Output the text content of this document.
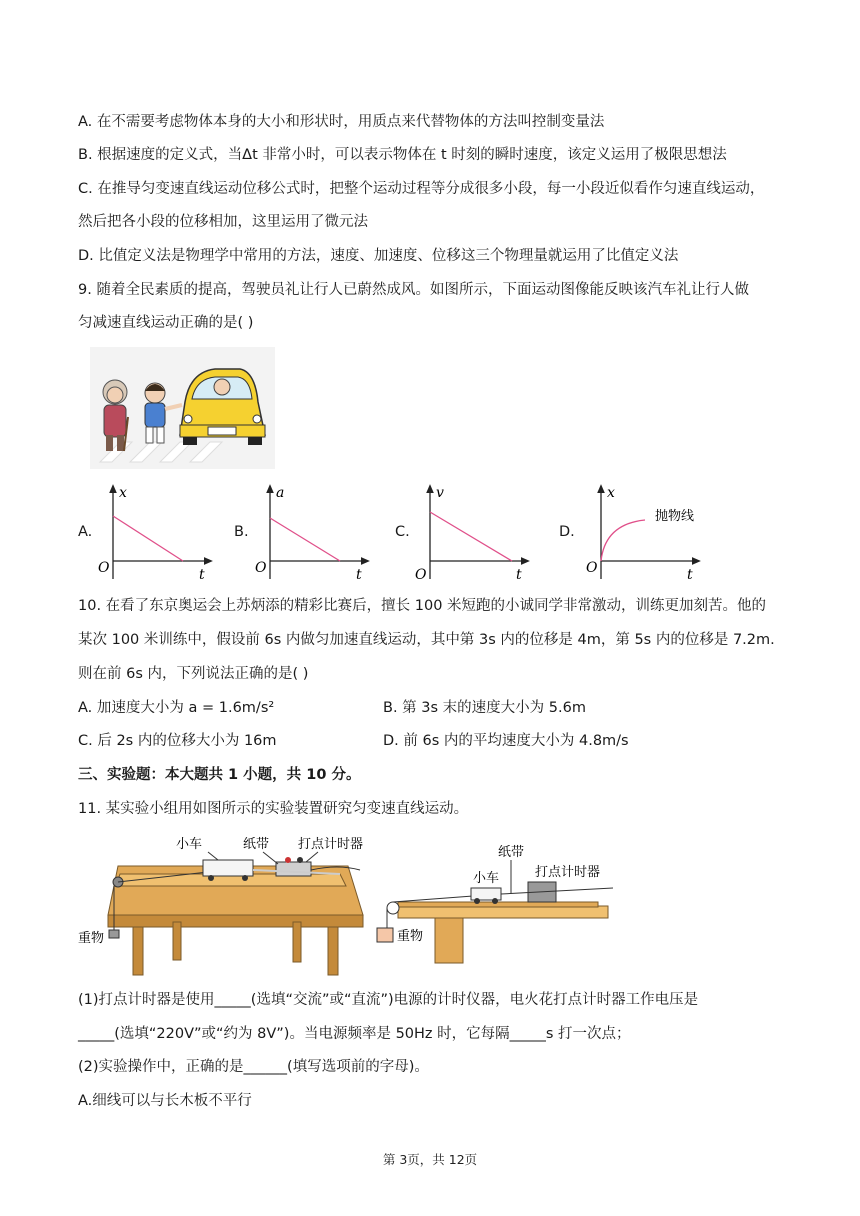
A. 在不需要考虑物体本身的大小和形状时，用质点来代替物体的方法叫控制变量法
B. 根据速度的定义式，当Δt 非常小时，可以表示物体在 t 时刻的瞬时速度，该定义运用了极限思想法
C. 在推导匀变速直线运动位移公式时，把整个运动过程等分成很多小段，每一小段近似看作匀速直线运动，
然后把各小段的位移相加，这里运用了微元法
D. 比值定义法是物理学中常用的方法，速度、加速度、位移这三个物理量就运用了比值定义法
9. 随着全民素质的提高，驾驶员礼让行人已蔚然成风。如图所示，下面运动图像能反映该汽车礼让行人做
匀减速直线运动正确的是( )
A.
x
O	t
B.
a
O	t
C.
v
O	t
D.
x
O	t
抛物线
10. 在看了东京奥运会上苏炳添的精彩比赛后，擅长 100 米短跑的小诚同学非常激动，训练更加刻苦。他的
某次 100 米训练中，假设前 6s 内做匀加速直线运动，其中第 3s 内的位移是 4m，第 5s 内的位移是 7.2m.
则在前 6s 内，下列说法正确的是( )
A. 加速度大小为 a = 1.6m/s²	B. 第 3s 末的速度大小为 5.6m
C. 后 2s 内的位移大小为 16m	D. 前 6s 内的平均速度大小为 4.8m/s
三、实验题：本大题共 1 小题，共 10 分。
11. 某实验小组用如图所示的实验装置研究匀变速直线运动。
小车	纸带 打点计时器
重物
纸带
小车	打点计时器
重物
(1)打点计时器是使用_____(选填“交流”或“直流”)电源的计时仪器，电火花打点计时器工作电压是
_____(选填“220V”或“约为 8V”)。当电源频率是 50Hz 时，它每隔_____s 打一次点；
(2)实验操作中，正确的是______(填写选项前的字母)。
A.细线可以与长木板不平行
第 3页，共 12页
